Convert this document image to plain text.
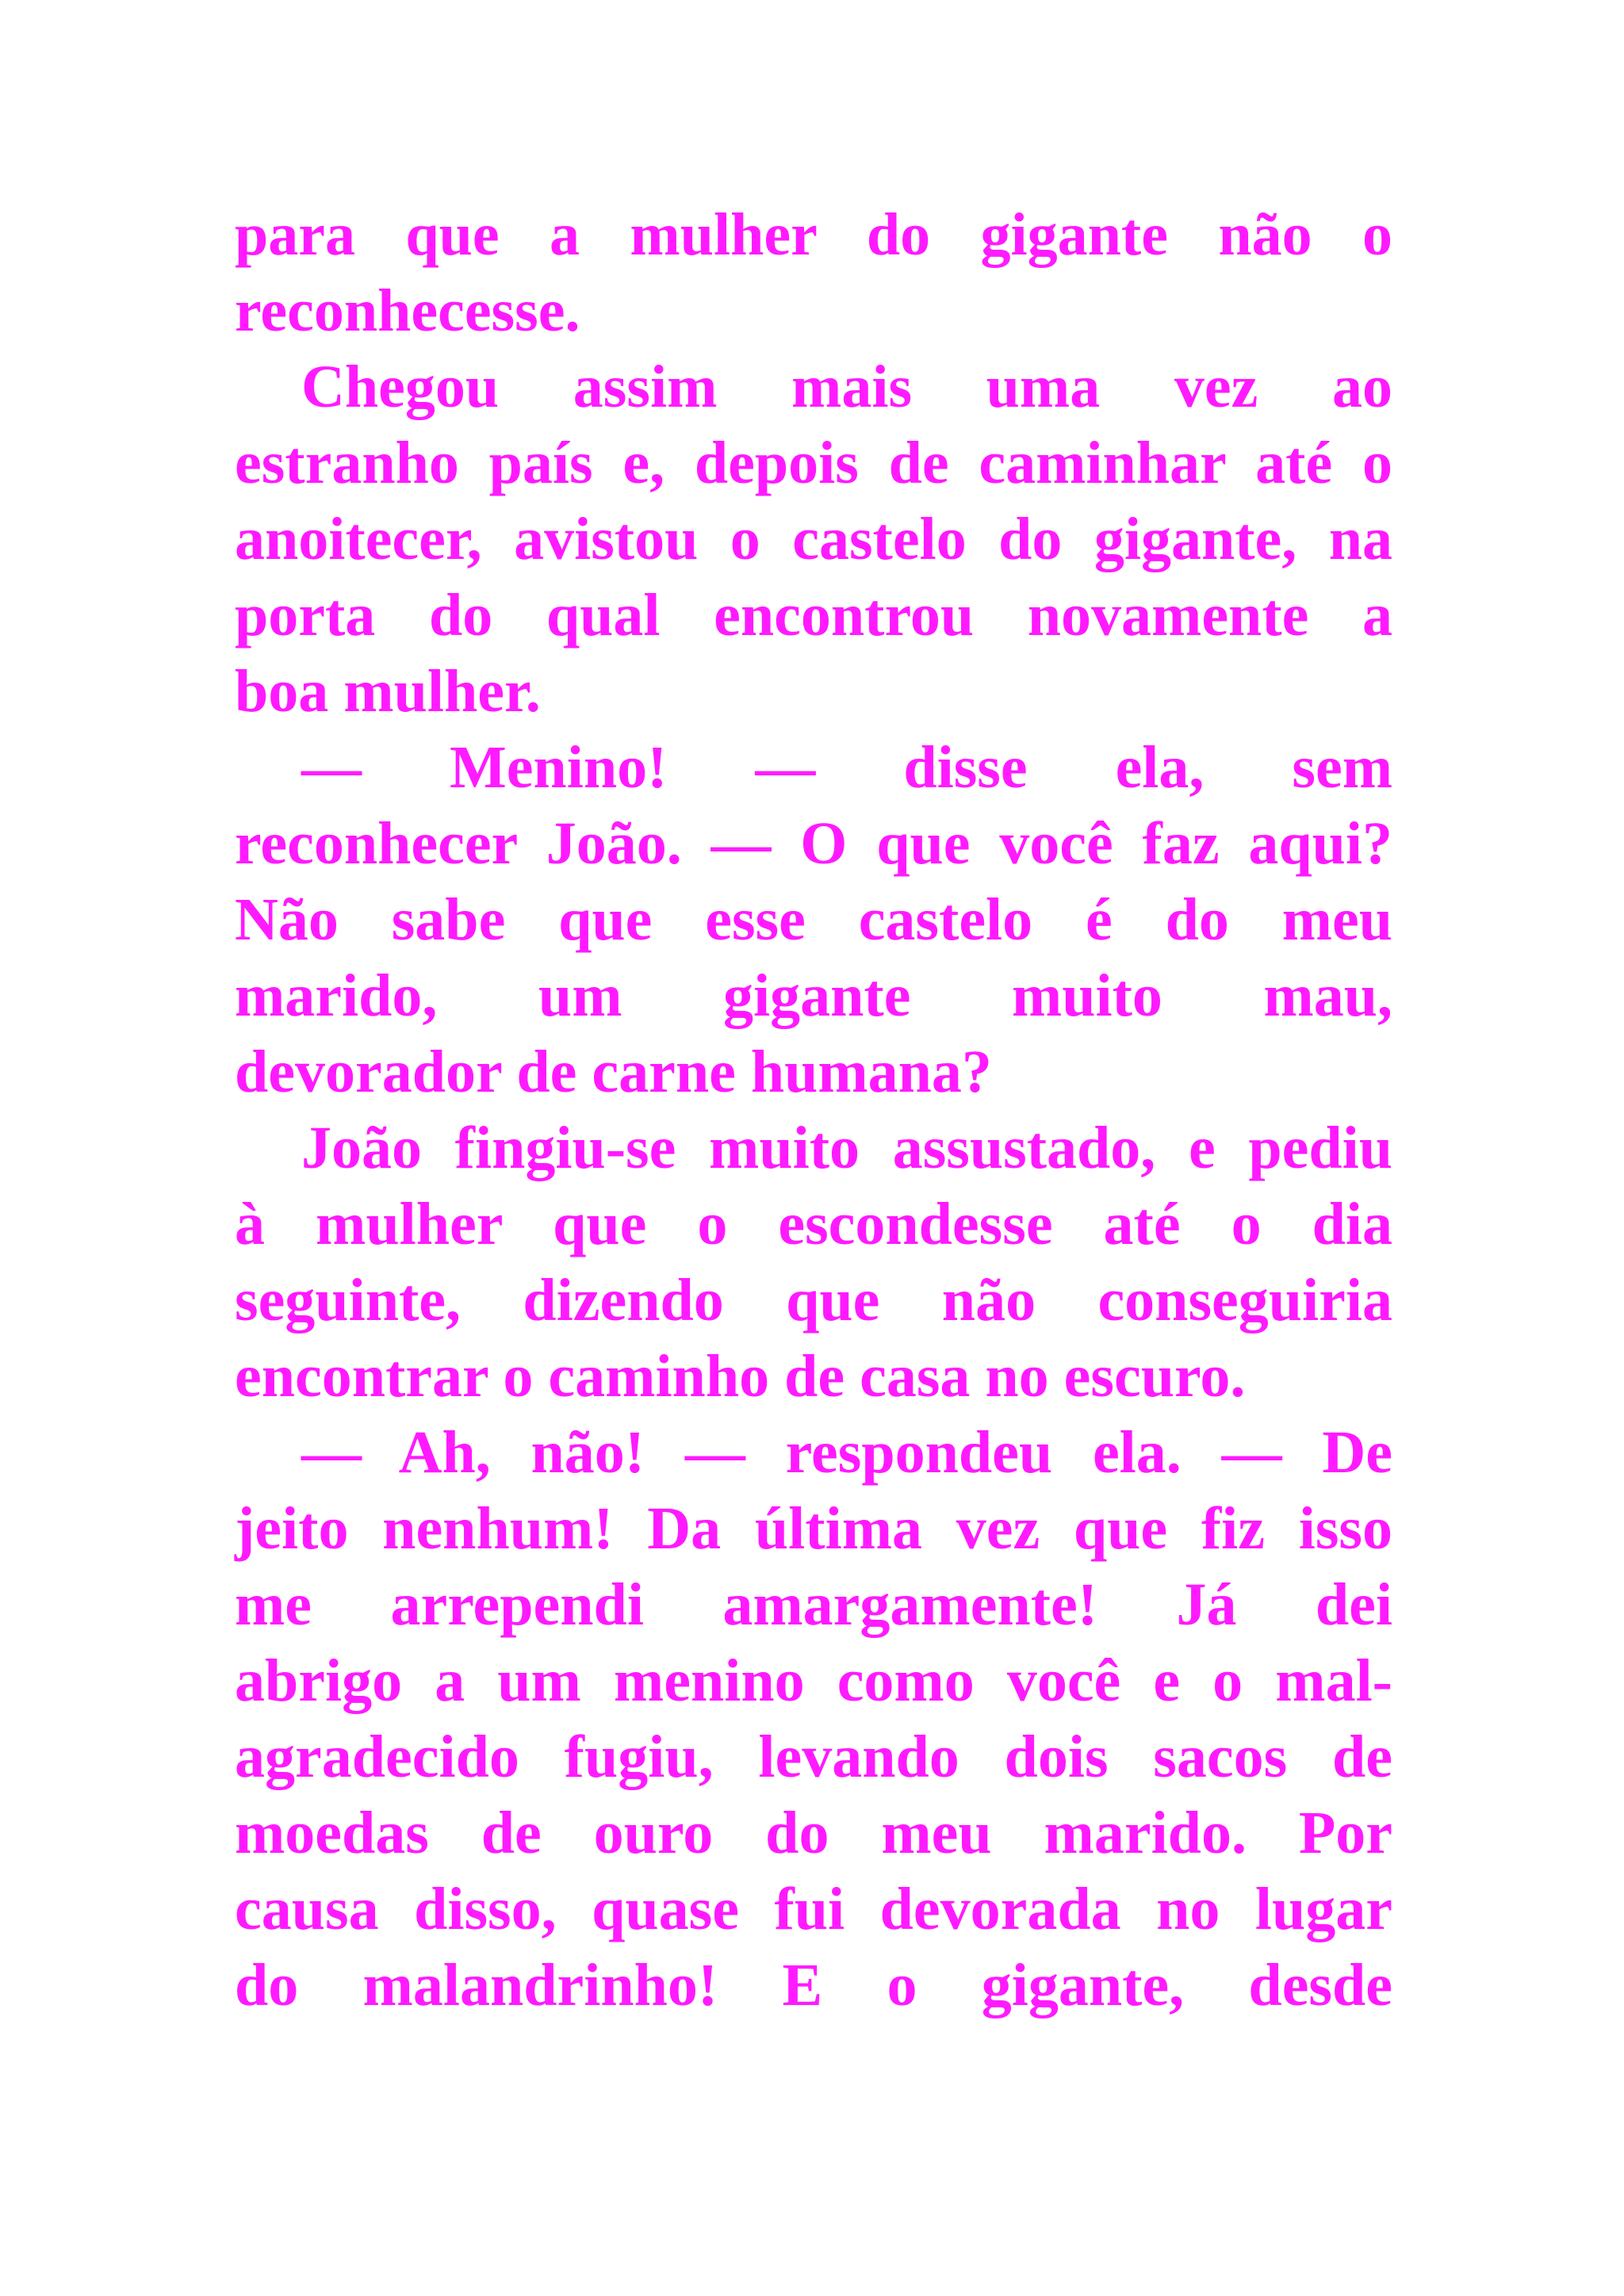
para que a mulher do gigante não o
reconhecesse.
Chegou assim mais uma vez ao
estranho país e, depois de caminhar até o
anoitecer, avistou o castelo do gigante, na
porta do qual encontrou novamente a
boa mulher.
— Menino! — disse ela, sem
reconhecer João. — O que você faz aqui?
Não sabe que esse castelo é do meu
marido, um gigante muito mau,
devorador de carne humana?
João fingiu-se muito assustado, e pediu
à mulher que o escondesse até o dia
seguinte, dizendo que não conseguiria
encontrar o caminho de casa no escuro.
— Ah, não! — respondeu ela. — De
jeito nenhum! Da última vez que fiz isso
me arrependi amargamente! Já dei
abrigo a um menino como você e o mal-
agradecido fugiu, levando dois sacos de
moedas de ouro do meu marido. Por
causa disso, quase fui devorada no lugar
do malandrinho! E o gigante, desde
